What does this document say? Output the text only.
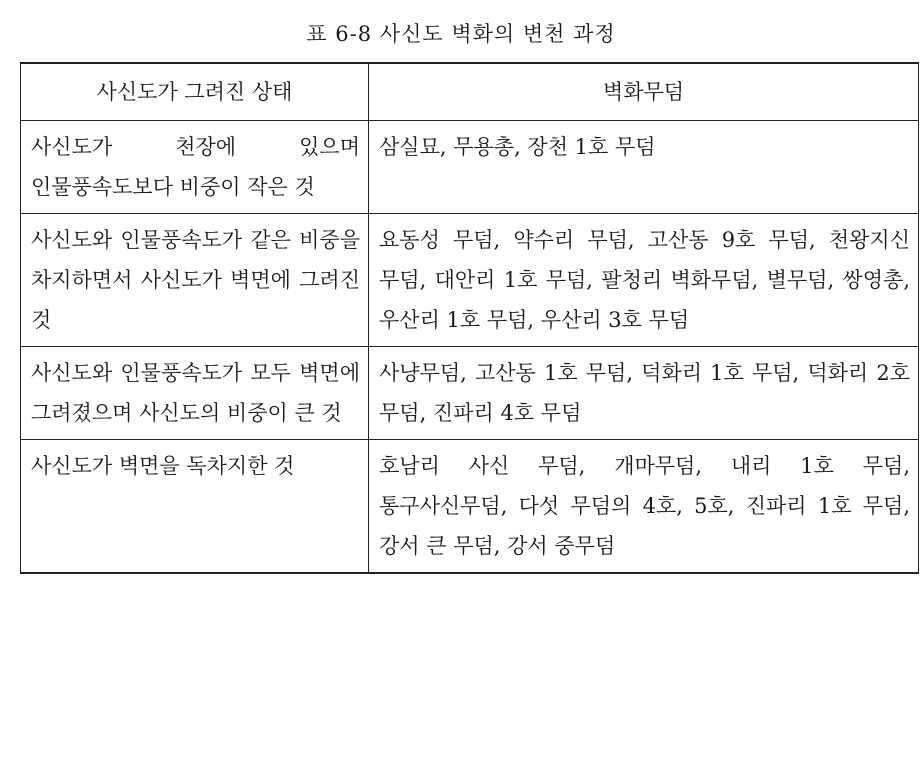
표 6-8 사신도 벽화의 변천 과정
사신도가 그려진 상태	벽화무덤

사신도가 천장에 있으며 인물풍속도보다 비중이 작은 것	삼실묘, 무용총, 장천 1호 무덤

사신도와 인물풍속도가 같은 비중을 차지하면서 사신도가 벽면에 그려진 것	요동성 무덤, 약수리 무덤, 고산동 9호 무덤, 천왕지신 무덤, 대안리 1호 무덤, 팔청리 벽화무덤, 별무덤, 쌍영총, 우산리 1호 무덤, 우산리 3호 무덤

사신도와 인물풍속도가 모두 벽면에 그려졌으며 사신도의 비중이 큰 것	사냥무덤, 고산동 1호 무덤, 덕화리 1호 무덤, 덕화리 2호 무덤, 진파리 4호 무덤

사신도가 벽면을 독차지한 것	호남리 사신 무덤, 개마무덤, 내리 1호 무덤, 통구사신무덤, 다섯 무덤의 4호, 5호, 진파리 1호 무덤, 강서 큰 무덤, 강서 중무덤
